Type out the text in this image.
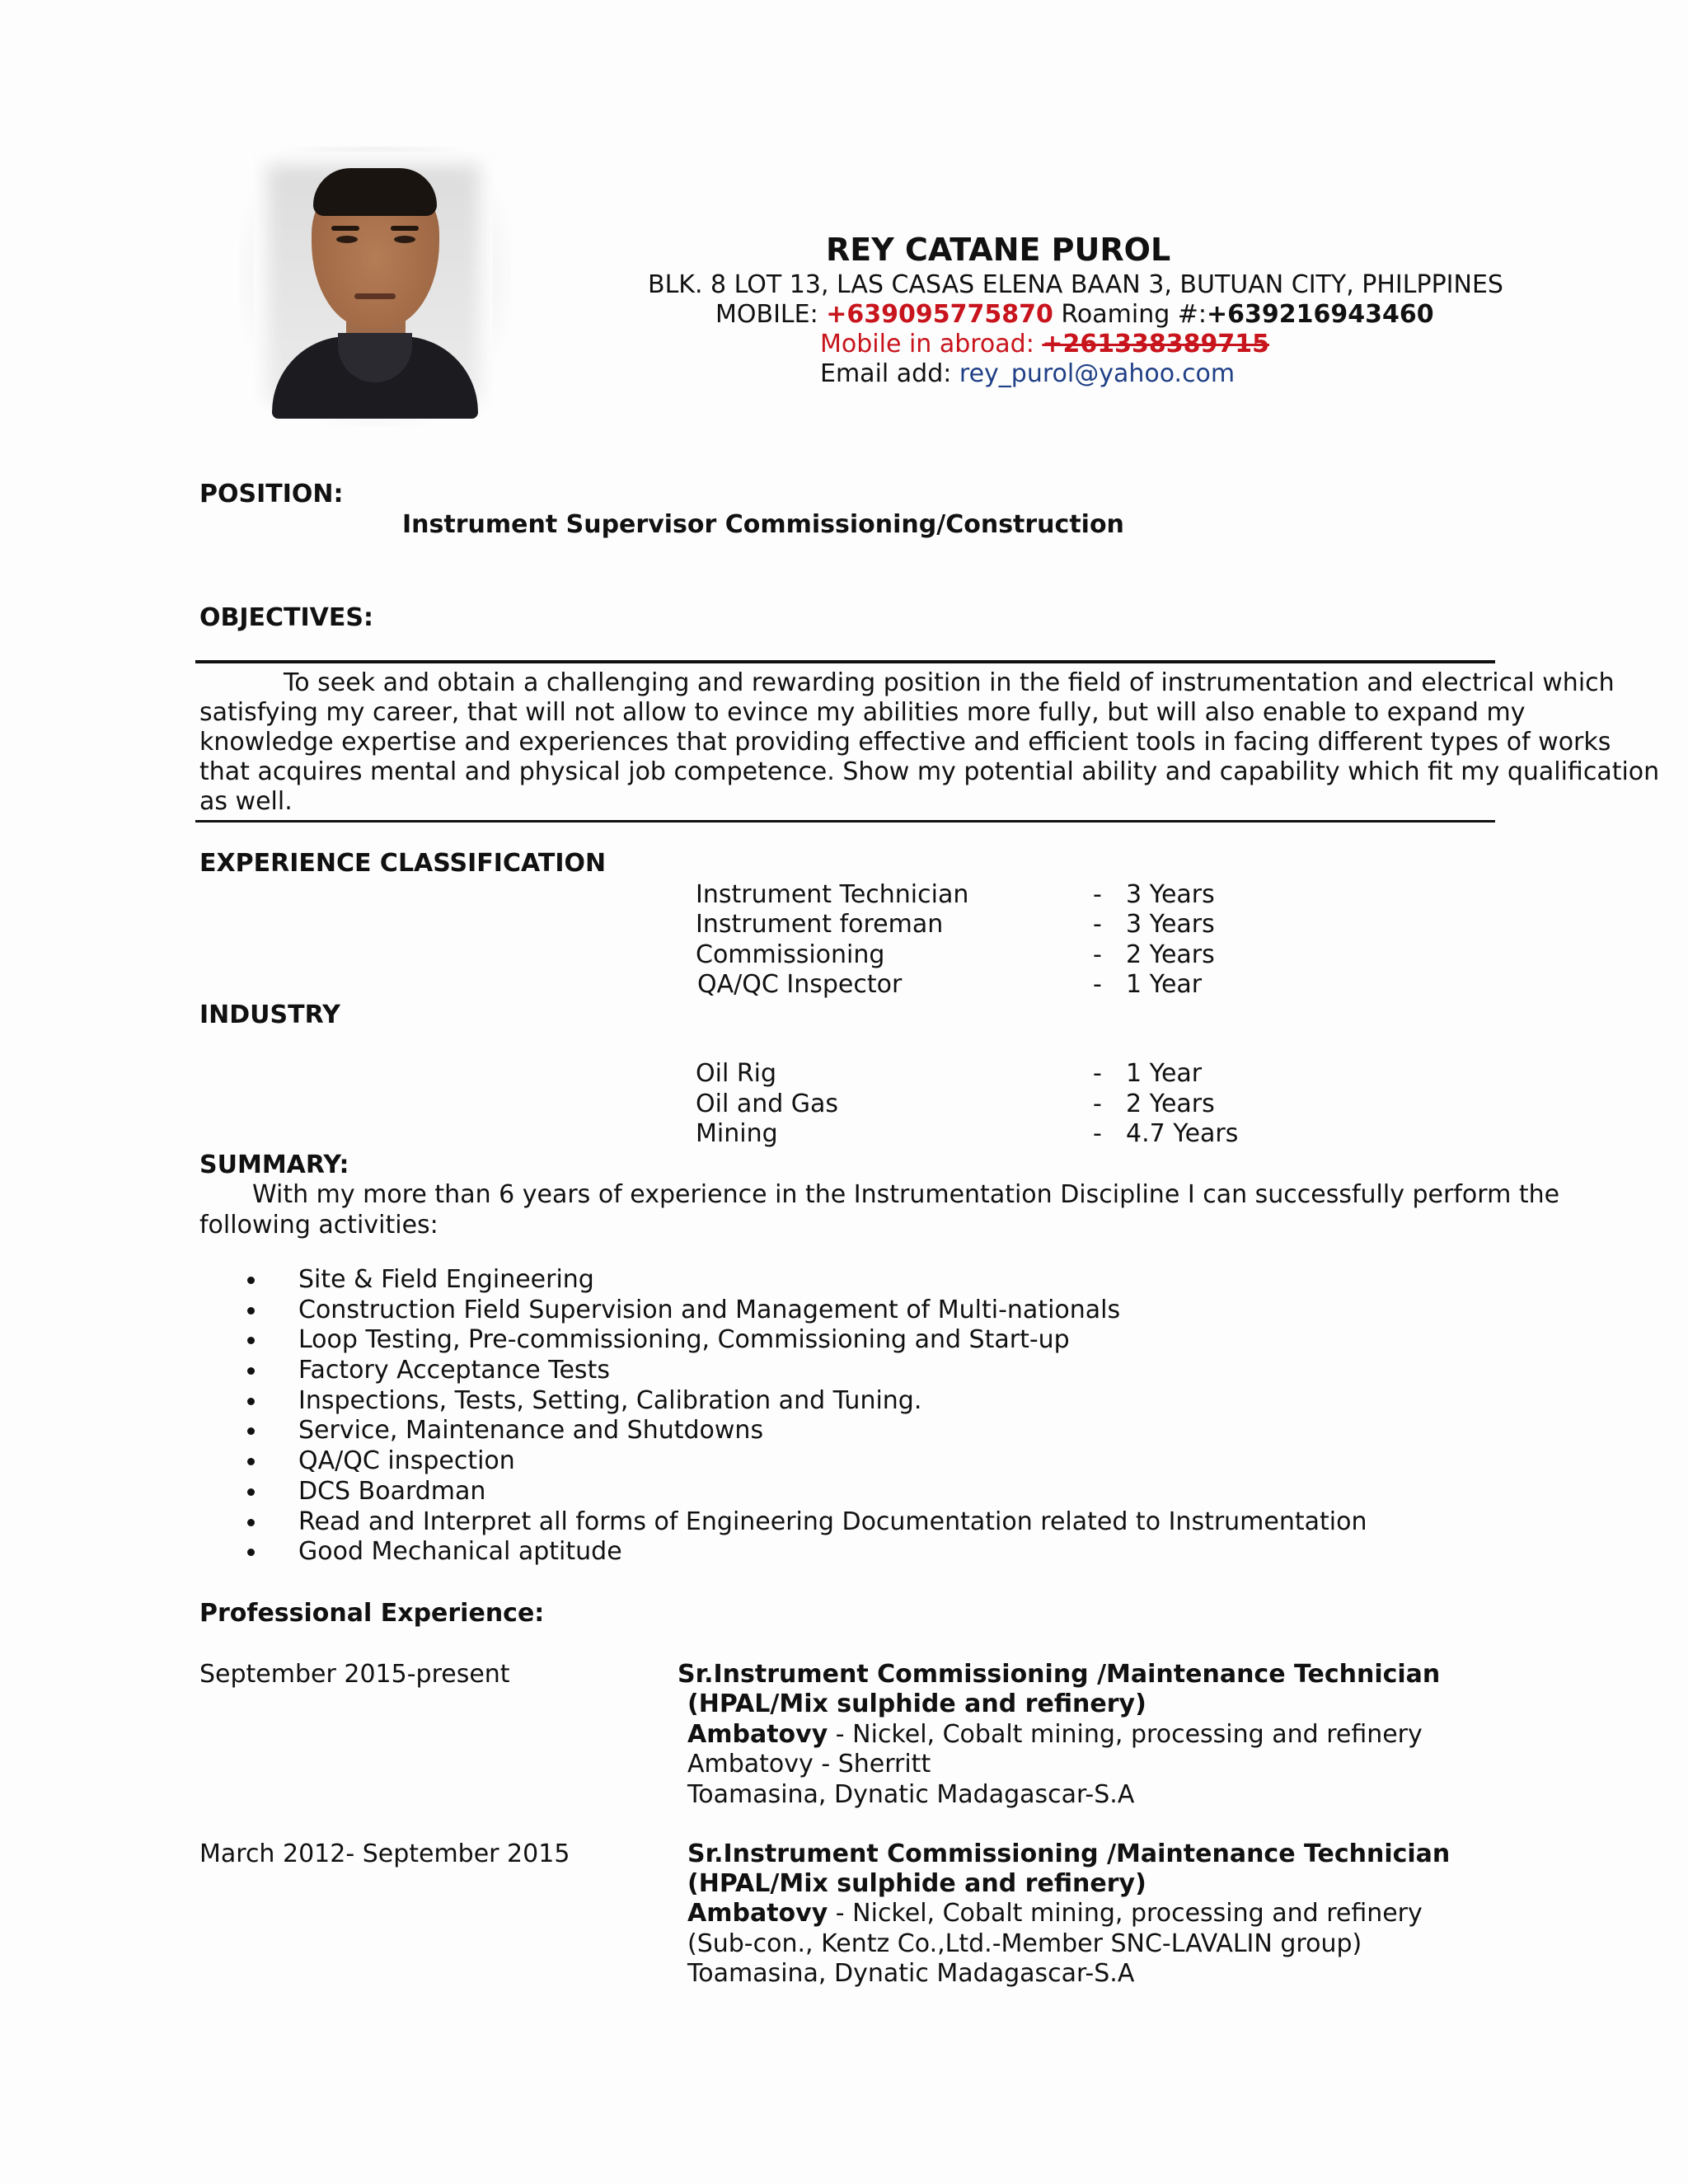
REY CATANE PUROL
BLK. 8 LOT 13, LAS CASAS ELENA BAAN 3, BUTUAN CITY, PHILPPINES
MOBILE: +639095775870 Roaming #:+639216943460
Mobile in abroad: +261338389715
Email add: rey_purol@yahoo.com
POSITION:
Instrument Supervisor Commissioning/Construction
OBJECTIVES:
To seek and obtain a challenging and rewarding position in the field of instrumentation and electrical which
satisfying my career, that will not allow to evince my abilities more fully, but will also enable to expand my
knowledge expertise and experiences that providing effective and efficient tools in facing different types of works
that acquires mental and physical job competence. Show my potential ability and capability which fit my qualification
as well.
EXPERIENCE CLASSIFICATION
Instrument Technician	- 3 Years
Instrument foreman	- 3 Years
Commissioning	- 2 Years
QA/QC Inspector	- 1 Year
INDUSTRY
Oil Rig	- 1 Year
Oil and Gas	- 2 Years
Mining	- 4.7 Years
SUMMARY:
With my more than 6 years of experience in the Instrumentation Discipline I can successfully perform the
following activities:
Site & Field Engineering
Construction Field Supervision and Management of Multi-nationals
Loop Testing, Pre-commissioning, Commissioning and Start-up
Factory Acceptance Tests
Inspections, Tests, Setting, Calibration and Tuning.
Service, Maintenance and Shutdowns
QA/QC inspection
DCS Boardman
Read and Interpret all forms of Engineering Documentation related to Instrumentation
Good Mechanical aptitude
Professional Experience:
September 2015-present	Sr.Instrument Commissioning /Maintenance Technician
(HPAL/Mix sulphide and refinery)
Ambatovy - Nickel, Cobalt mining, processing and refinery
Ambatovy - Sherritt
Toamasina, Dynatic Madagascar-S.A
March 2012- September 2015	Sr.Instrument Commissioning /Maintenance Technician
(HPAL/Mix sulphide and refinery)
Ambatovy - Nickel, Cobalt mining, processing and refinery
(Sub-con., Kentz Co.,Ltd.-Member SNC-LAVALIN group)
Toamasina, Dynatic Madagascar-S.A
